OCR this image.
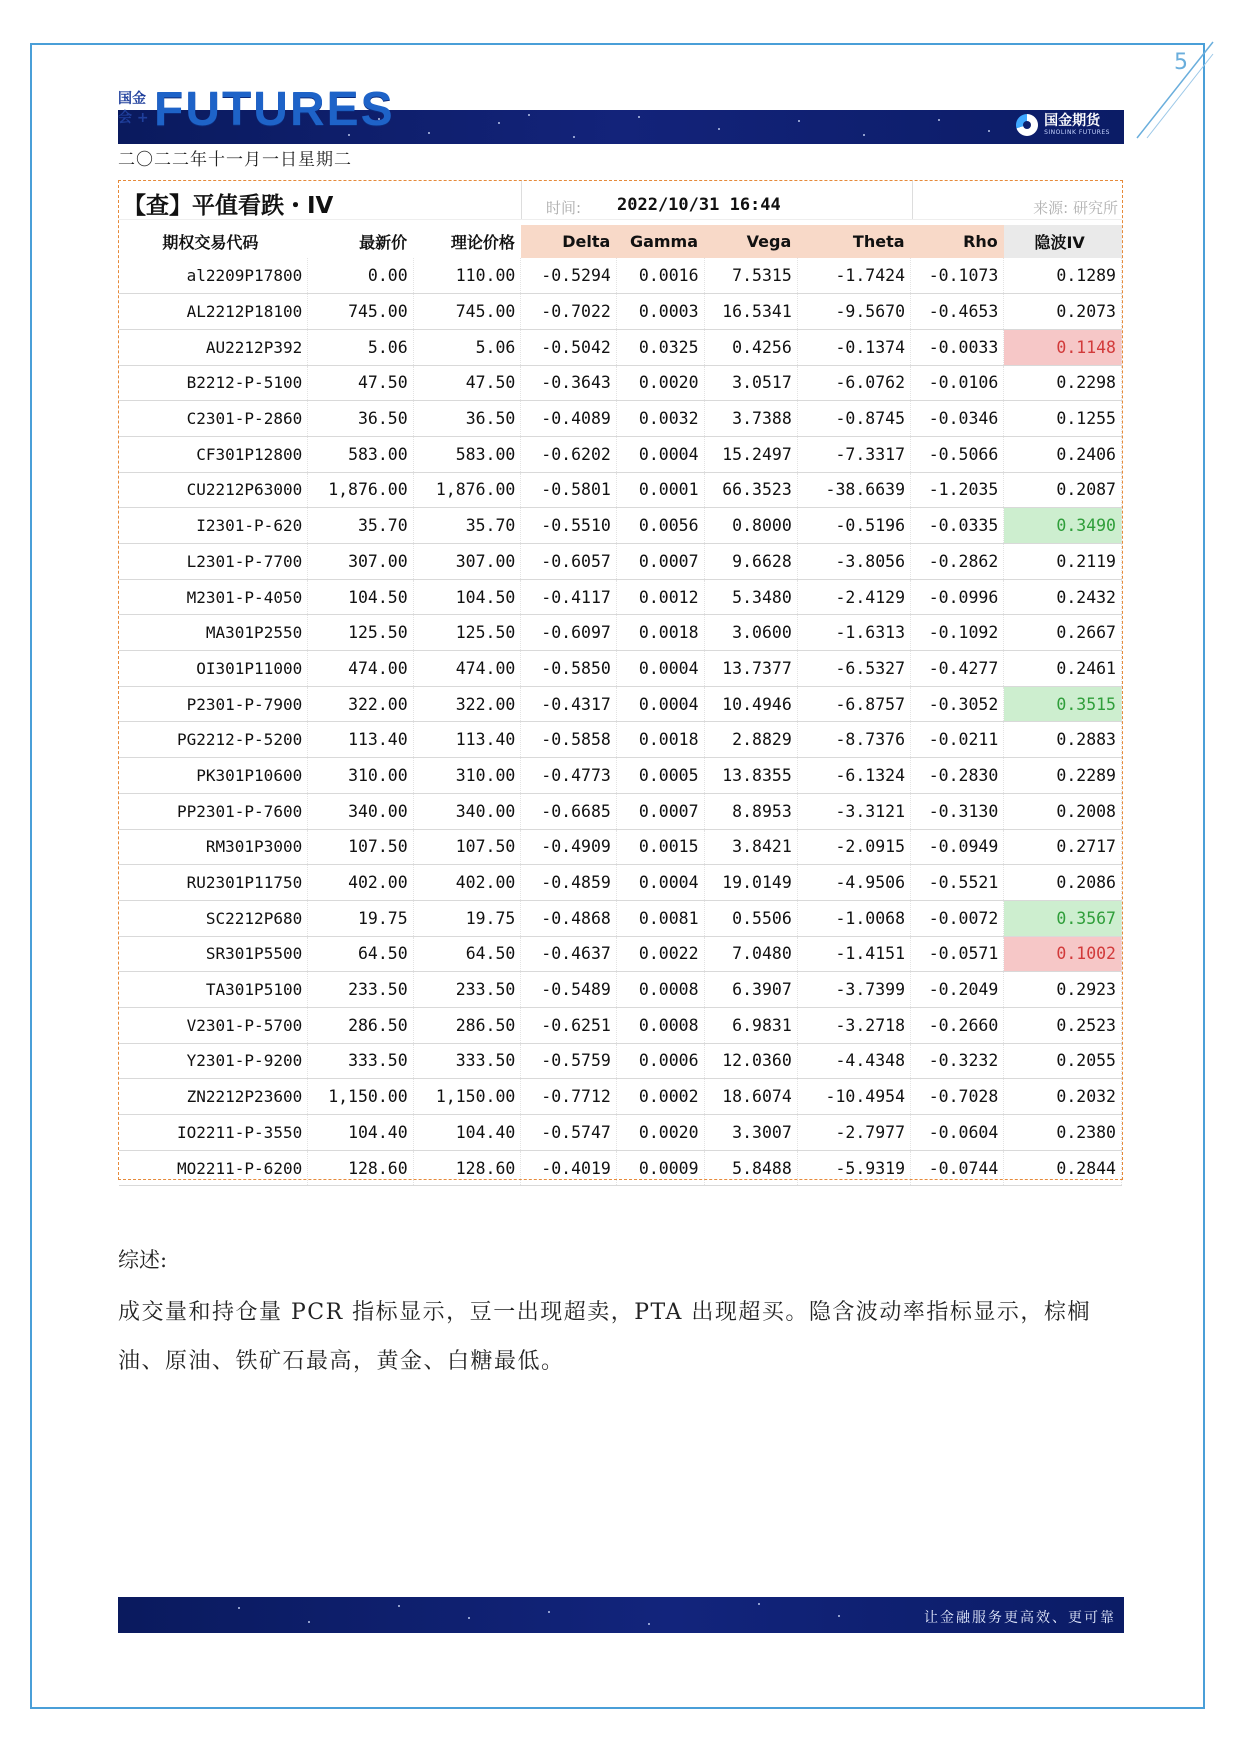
5
国金期货
SINOLINK FUTURES
国金
会 + FUTURES
二〇二二年十一月一日星期二
【查】平值看跌・IV	时间: 2022/10/31 16:44	来源: 研究所
期权交易代码	最新价	理论价格	Delta	Gamma	Vega	Theta	Rho	隐波IV
al2209P17800	0.00	110.00	-0.5294	0.0016	7.5315	-1.7424	-0.1073	0.1289
AL2212P18100	745.00	745.00	-0.7022	0.0003	16.5341	-9.5670	-0.4653	0.2073
AU2212P392	5.06	5.06	-0.5042	0.0325	0.4256	-0.1374	-0.0033	0.1148
B2212-P-5100	47.50	47.50	-0.3643	0.0020	3.0517	-6.0762	-0.0106	0.2298
C2301-P-2860	36.50	36.50	-0.4089	0.0032	3.7388	-0.8745	-0.0346	0.1255
CF301P12800	583.00	583.00	-0.6202	0.0004	15.2497	-7.3317	-0.5066	0.2406
CU2212P63000	1,876.00	1,876.00	-0.5801	0.0001	66.3523	-38.6639	-1.2035	0.2087
I2301-P-620	35.70	35.70	-0.5510	0.0056	0.8000	-0.5196	-0.0335	0.3490
L2301-P-7700	307.00	307.00	-0.6057	0.0007	9.6628	-3.8056	-0.2862	0.2119
M2301-P-4050	104.50	104.50	-0.4117	0.0012	5.3480	-2.4129	-0.0996	0.2432
MA301P2550	125.50	125.50	-0.6097	0.0018	3.0600	-1.6313	-0.1092	0.2667
OI301P11000	474.00	474.00	-0.5850	0.0004	13.7377	-6.5327	-0.4277	0.2461
P2301-P-7900	322.00	322.00	-0.4317	0.0004	10.4946	-6.8757	-0.3052	0.3515
PG2212-P-5200	113.40	113.40	-0.5858	0.0018	2.8829	-8.7376	-0.0211	0.2883
PK301P10600	310.00	310.00	-0.4773	0.0005	13.8355	-6.1324	-0.2830	0.2289
PP2301-P-7600	340.00	340.00	-0.6685	0.0007	8.8953	-3.3121	-0.3130	0.2008
RM301P3000	107.50	107.50	-0.4909	0.0015	3.8421	-2.0915	-0.0949	0.2717
RU2301P11750	402.00	402.00	-0.4859	0.0004	19.0149	-4.9506	-0.5521	0.2086
SC2212P680	19.75	19.75	-0.4868	0.0081	0.5506	-1.0068	-0.0072	0.3567
SR301P5500	64.50	64.50	-0.4637	0.0022	7.0480	-1.4151	-0.0571	0.1002
TA301P5100	233.50	233.50	-0.5489	0.0008	6.3907	-3.7399	-0.2049	0.2923
V2301-P-5700	286.50	286.50	-0.6251	0.0008	6.9831	-3.2718	-0.2660	0.2523
Y2301-P-9200	333.50	333.50	-0.5759	0.0006	12.0360	-4.4348	-0.3232	0.2055
ZN2212P23600	1,150.00	1,150.00	-0.7712	0.0002	18.6074	-10.4954	-0.7028	0.2032
IO2211-P-3550	104.40	104.40	-0.5747	0.0020	3.3007	-2.7977	-0.0604	0.2380
MO2211-P-6200	128.60	128.60	-0.4019	0.0009	5.8488	-5.9319	-0.0744	0.2844
综述:
成交量和持仓量 PCR 指标显示，豆一出现超卖，PTA 出现超买。隐含波动率指标显示，棕榈油、原油、铁矿石最高，黄金、白糖最低。
让金融服务更高效、更可靠
